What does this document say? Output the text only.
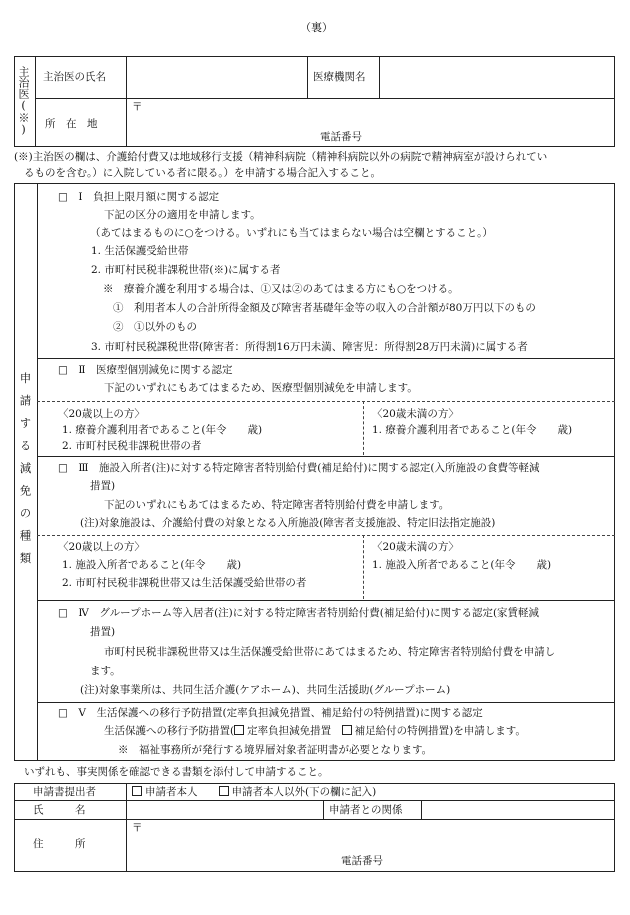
（裏）
主治医(※) 主治医の氏名	医療機関名
〒
所　在　地
電話番号
(※)主治医の欄は、介護給付費又は地域移行支援（精神科病院（精神科病院以外の病院で精神病室が設けられてい
るものを含む。）に入院している者に限る。）を申請する場合記入すること。
申請する減免の種類
□　Ⅰ　負担上限月額に関する認定
下記の区分の適用を申請します。
（あてはまるものに○をつける。いずれにも当てはまらない場合は空欄とすること。）
1. 生活保護受給世帯
2. 市町村民税非課税世帯(※)に属する者
※　療養介護を利用する場合は、①又は②のあてはまる方にも○をつける。
①　利用者本人の合計所得金額及び障害者基礎年金等の収入の合計額が80万円以下のもの
②　①以外のもの
3. 市町村民税課税世帯(障害者：所得割16万円未満、障害児：所得割28万円未満)に属する者
□　Ⅱ　医療型個別減免に関する認定
下記のいずれにもあてはまるため、医療型個別減免を申請します。
〈20歳以上の方〉
1. 療養介護利用者であること(年令　　歳)
2. 市町村民税非課税世帯の者
〈20歳未満の方〉
1. 療養介護利用者であること(年令　　歳)
□　Ⅲ　施設入所者(注)に対する特定障害者特別給付費(補足給付)に関する認定(入所施設の食費等軽減
措置)
下記のいずれにもあてはまるため、特定障害者特別給付費を申請します。
(注)対象施設は、介護給付費の対象となる入所施設(障害者支援施設、特定旧法指定施設)
〈20歳以上の方〉
1. 施設入所者であること(年令　　歳)
2. 市町村民税非課税世帯又は生活保護受給世帯の者
〈20歳未満の方〉
1. 施設入所者であること(年令　　歳)
□　Ⅳ　グループホーム等入居者(注)に対する特定障害者特別給付費(補足給付)に関する認定(家賃軽減
措置)
市町村民税非課税世帯又は生活保護受給世帯にあてはまるため、特定障害者特別給付費を申請し
ます。
(注)対象事業所は、共同生活介護(ケアホーム)、共同生活援助(グループホーム)
□　Ⅴ　生活保護への移行予防措置(定率負担減免措置、補足給付の特例措置)に関する認定
生活保護への移行予防措置( 定率負担減免措置　 補足給付の特例措置)を申請します。
※　福祉事務所が発行する境界層対象者証明書が必要となります。
いずれも、事実関係を確認できる書類を添付して申請すること。
申請書提出者	申請者本人　　	申請者本人以外(下の欄に記入)
氏　　　名	申請者との関係
住　　　所
〒
電話番号
